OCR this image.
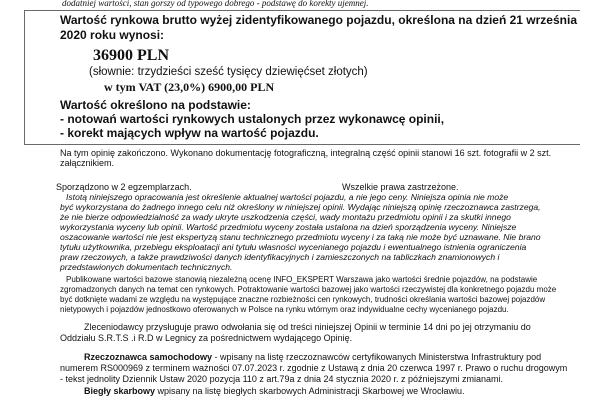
dodatniej wartości, stan gorszy od typowego dobrego - podstawę do korekty ujemnej.
Wartość rynkowa brutto wyżej zidentyfikowanego pojazdu, określona na dzień 21 września
2020 roku wynosi:
36900 PLN
(słownie: trzydzieści sześć tysięcy dziewięćset złotych)
w tym VAT (23,0%) 6900,00 PLN
Wartość określono na podstawie:
- notowań wartości rynkowych ustalonych przez wykonawcę opinii,
- korekt mających wpływ na wartość pojazdu.
Na tym opinię zakończono. Wykonano dokumentację fotograficzną, integralną część opinii stanowi 16 szt. fotografii w 2 szt.
załącznikiem.
Sporządzono w 2 egzemplarzach.	Wszelkie prawa zastrzeżone.
Istotą niniejszego opracowania jest określenie aktualnej wartości pojazdu, a nie jego ceny. Niniejsza opinia nie może
być wykorzystana do żadnego innego celu niż określony w niniejszej opinii. Wydając niniejszą opinię rzeczoznawca zastrzega,
że nie bierze odpowiedzialność za wady ukryte uszkodzenia części, wady montażu przedmiotu opinii i za skutki innego
wykorzystania wyceny lub opinii. Wartość przedmiotu wyceny została ustalona na dzień sporządzenia wyceny. Niniejsze
oszacowanie wartości nie jest ekspertyzą stanu technicznego przedmiotu wyceny i za taką nie może być uznawane. Nie brano
tytułu użytkownika, przebiegu eksploatacji ani tytułu własności wycenianego pojazdu i ewentualnego istnienia ograniczenia
praw rzeczowych, a także prawdziwości danych identyfikacyjnych i zamieszczonych na tabliczkach znamionowych i
przedstawionych dokumentach technicznych.
Publikowane wartości bazowe stanowią niezależną ocenę INFO_EKSPERT Warszawa jako wartości średnie pojazdów, na podstawie
zgromadzonych danych na temat cen rynkowych. Potraktowanie wartości bazowej jako wartości rzeczywistej dla konkretnego pojazdu może
być dotknięte wadami ze względu na występujące znaczne rozbieżności cen rynkowych, trudności określania wartości bazowej pojazdów
nietypowych i pojazdów jednostkowo oferowanych w Polsce na rynku wtórnym oraz indywidualne cechy wycenianego pojazdu.
Zleceniodawcy przysługuje prawo odwołania się od treści niniejszej Opinii w terminie 14 dni po jej otrzymaniu do
Oddziału S.R.T.S .i R.D w Legnicy za pośrednictwem wydającego Opinię.
Rzeczoznawca samochodowy - wpisany na listę rzeczoznawców certyfikowanych Ministerstwa Infrastruktury pod
numerem RS000969 z terminem ważności 07.07.2023 r. zgodnie z Ustawą z dnia 20 czerwca 1997 r. Prawo o ruchu drogowym
- tekst jednolity Dziennik Ustaw 2020 pozycja 110 z art.79a z dnia 24 stycznia 2020 r. z późniejszymi zmianami.
Biegły skarbowy wpisany na listę biegłych skarbowych Administracji Skarbowej we Wrocławiu.
